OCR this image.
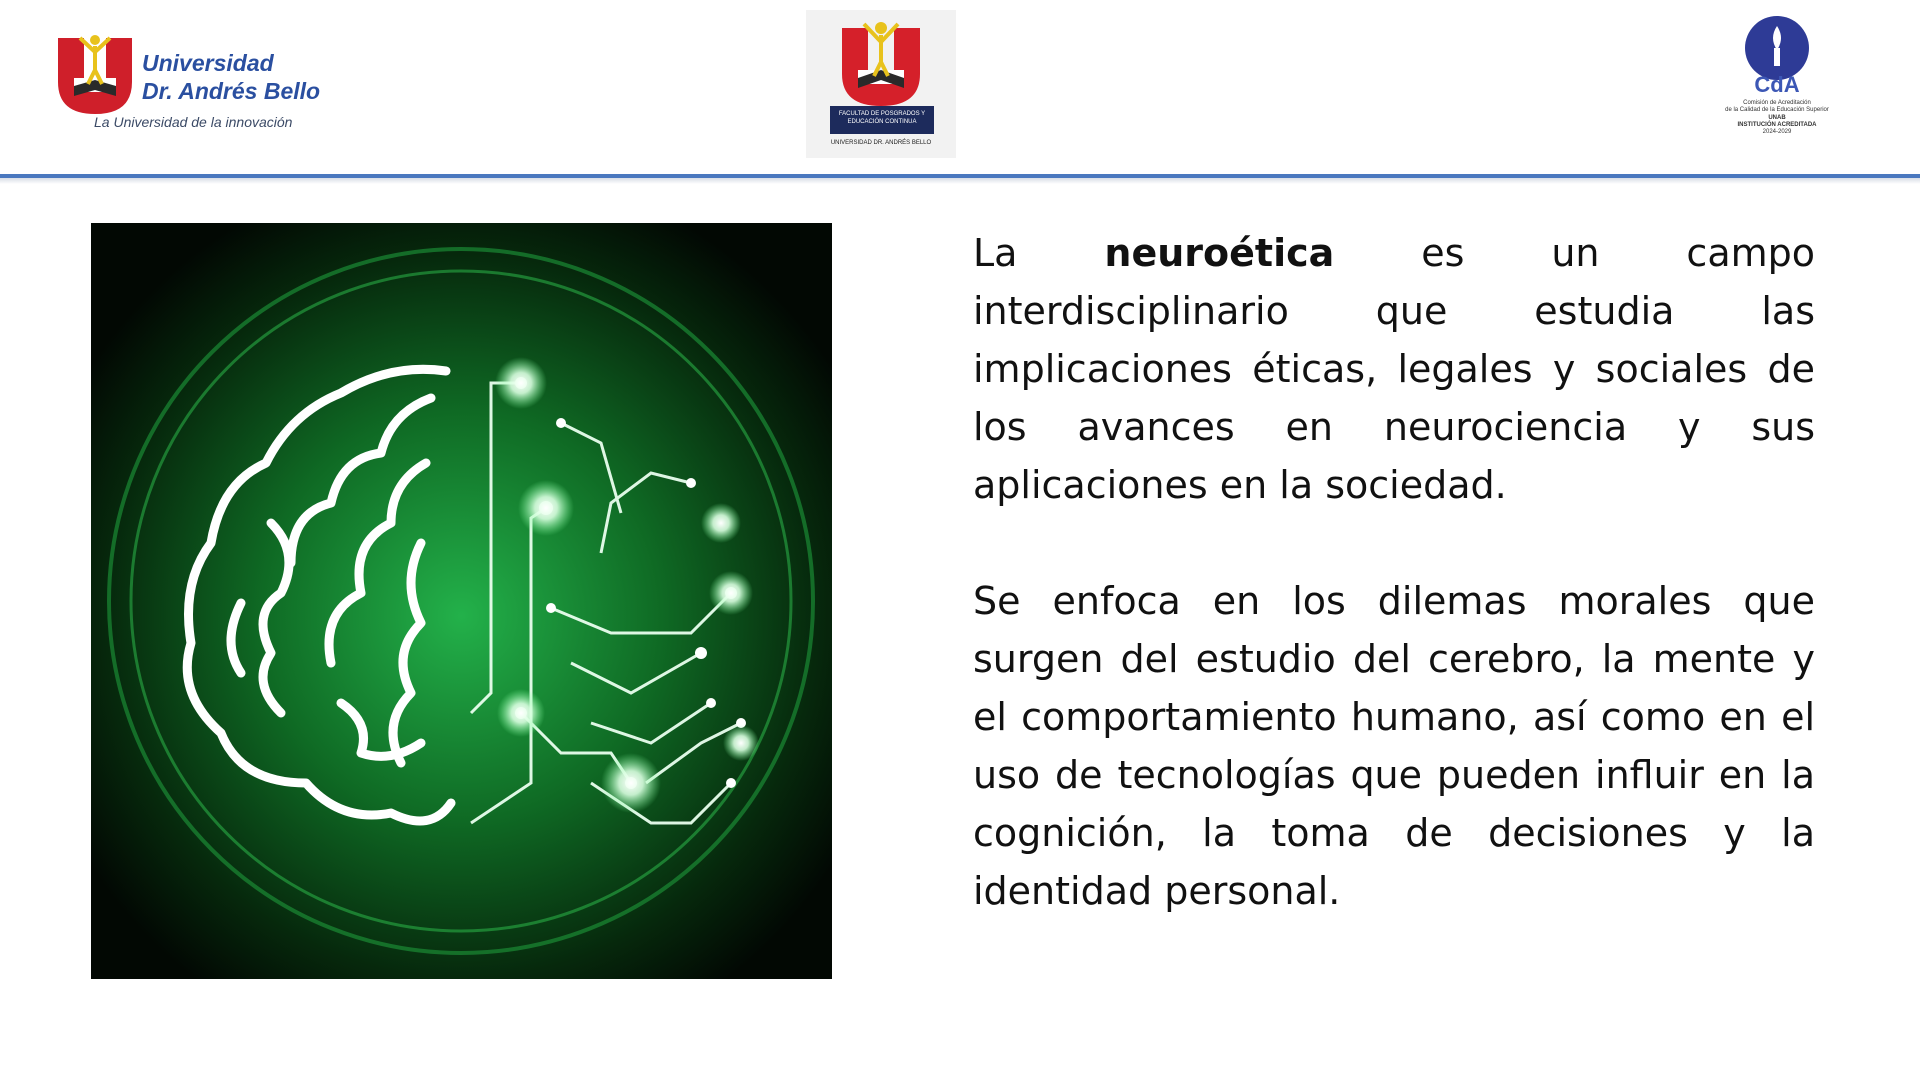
Universidad
Dr. Andrés Bello
La Universidad de la innovación	FACULTAD DE POSGRADOS Y EDUCACIÓN CONTINUA
UNIVERSIDAD DR. ANDRÉS BELLO
CdA
Comisión de Acreditación
de la Calidad de la Educación Superior
UNAB
INSTITUCIÓN ACREDITADA
2024-2029

La neuroética es un campo interdisciplinario que estudia las implicaciones éticas, legales y sociales de los avances en neurociencia y sus aplicaciones en la sociedad.

Se enfoca en los dilemas morales que surgen del estudio del cerebro, la mente y el comportamiento humano, así como en el uso de tecnologías que pueden influir en la cognición, la toma de decisiones y la identidad personal.
